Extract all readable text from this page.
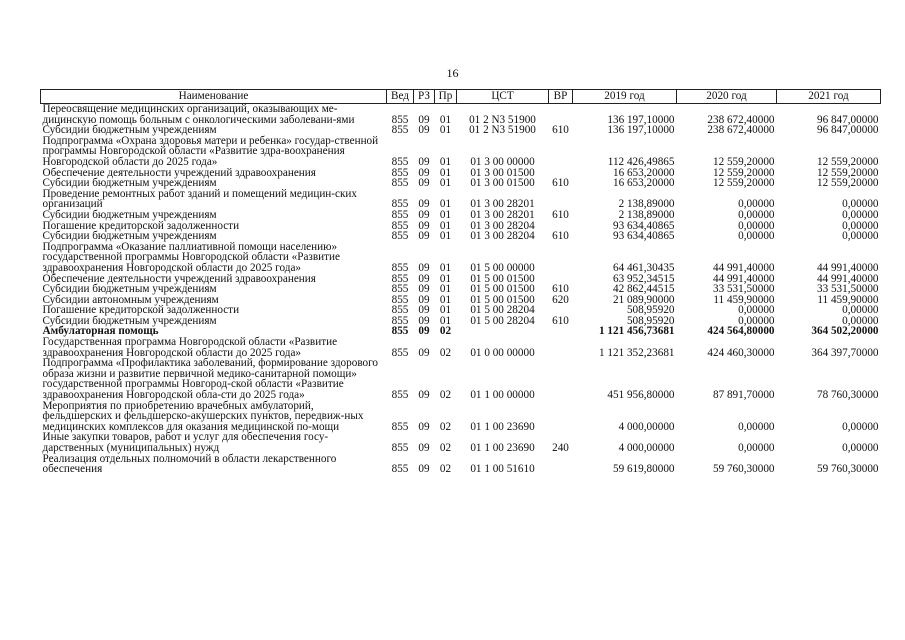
16
Наименование	Вед	РЗ	Пр	ЦСТ	ВР	2019 год	2020 год	2021 год
Переосвящение медицинских организаций, оказывающих ме-дицинскую помощь больным с онкологическими заболевани-ями	855	09	01	01 2 N3 51900		136 197,10000	238 672,40000	96 847,00000
Субсидии бюджетным учреждениям	855	09	01	01 2 N3 51900	610	136 197,10000	238 672,40000	96 847,00000
Подпрограмма «Охрана здоровья матери и ребенка» государ-ственной программы Новгородской области «Развитие здра-воохранения Новгородской области до 2025 года»	855	09	01	01 3 00 00000		112 426,49865	12 559,20000	12 559,20000
Обеспечение деятельности учреждений здравоохранения	855	09	01	01 3 00 01500		16 653,20000	12 559,20000	12 559,20000
Субсидии бюджетным учреждениям	855	09	01	01 3 00 01500	610	16 653,20000	12 559,20000	12 559,20000
Проведение ремонтных работ зданий и помещений медицин-ских организаций	855	09	01	01 3 00 28201		2 138,89000	0,00000	0,00000
Субсидии бюджетным учреждениям	855	09	01	01 3 00 28201	610	2 138,89000	0,00000	0,00000
Погашение кредиторской задолженности	855	09	01	01 3 00 28204		93 634,40865	0,00000	0,00000
Субсидии бюджетным учреждениям	855	09	01	01 3 00 28204	610	93 634,40865	0,00000	0,00000
Подпрограмма «Оказание паллиативной помощи населению» государственной программы Новгородской области «Развитие здравоохранения Новгородской области до 2025 года»	855	09	01	01 5 00 00000		64 461,30435	44 991,40000	44 991,40000
Обеспечение деятельности учреждений здравоохранения	855	09	01	01 5 00 01500		63 952,34515	44 991,40000	44 991,40000
Субсидии бюджетным учреждениям	855	09	01	01 5 00 01500	610	42 862,44515	33 531,50000	33 531,50000
Субсидии автономным учреждениям	855	09	01	01 5 00 01500	620	21 089,90000	11 459,90000	11 459,90000
Погашение кредиторской задолженности	855	09	01	01 5 00 28204		508,95920	0,00000	0,00000
Субсидии бюджетным учреждениям	855	09	01	01 5 00 28204	610	508,95920	0,00000	0,00000
Амбулаторная помощь	855	09	02			1 121 456,73681	424 564,80000	364 502,20000
Государственная программа Новгородской области «Развитие здравоохранения Новгородской области до 2025 года»	855	09	02	01 0 00 00000		1 121 352,23681	424 460,30000	364 397,70000
Подпрограмма «Профилактика заболеваний, формирование здорового образа жизни и развитие первичной медико-санитарной помощи» государственной программы Новгород-ской области «Развитие здравоохранения Новгородской обла-сти до 2025 года»	855	09	02	01 1 00 00000		451 956,80000	87 891,70000	78 760,30000
Мероприятия по приобретению врачебных амбулаторий, фельдшерских и фельдшерско-акушерских пунктов, передвиж-ных медицинских комплексов для оказания медицинской по-мощи	855	09	02	01 1 00 23690		4 000,00000	0,00000	0,00000
Иные закупки товаров, работ и услуг для обеспечения госу-дарственных (муниципальных) нужд	855	09	02	01 1 00 23690	240	4 000,00000	0,00000	0,00000
Реализация отдельных полномочий в области лекарственного обеспечения	855	09	02	01 1 00 51610		59 619,80000	59 760,30000	59 760,30000
